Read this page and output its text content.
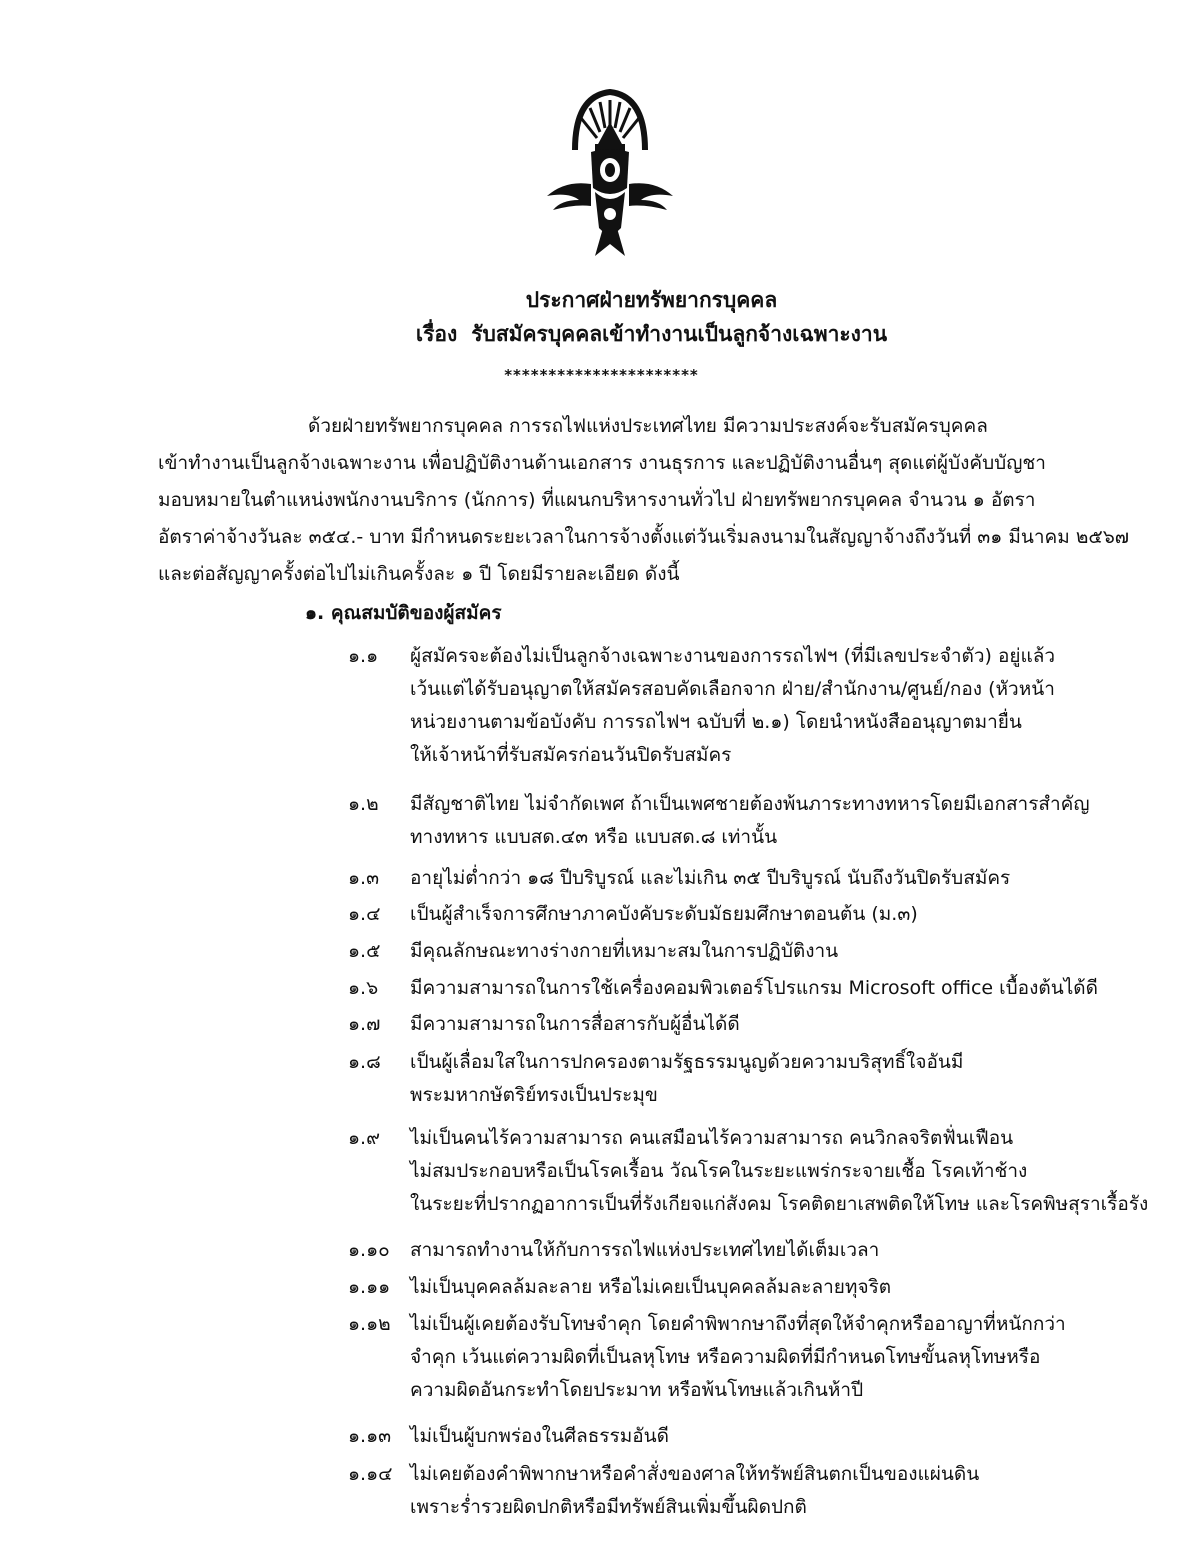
ประกาศฝ่ายทรัพยากรบุคคล
เรื่อง รับสมัครบุคคลเข้าทำงานเป็นลูกจ้างเฉพาะงาน
**********************
ด้วยฝ่ายทรัพยากรบุคคล การรถไฟแห่งประเทศไทย มีความประสงค์จะรับสมัครบุคคล
เข้าทำงานเป็นลูกจ้างเฉพาะงาน เพื่อปฏิบัติงานด้านเอกสาร งานธุรการ และปฏิบัติงานอื่นๆ สุดแต่ผู้บังคับบัญชา
มอบหมายในตำแหน่งพนักงานบริการ (นักการ) ที่แผนกบริหารงานทั่วไป ฝ่ายทรัพยากรบุคคล จำนวน ๑ อัตรา
อัตราค่าจ้างวันละ ๓๕๔.- บาท มีกำหนดระยะเวลาในการจ้างตั้งแต่วันเริ่มลงนามในสัญญาจ้างถึงวันที่ ๓๑ มีนาคม ๒๕๖๗
และต่อสัญญาครั้งต่อไปไม่เกินครั้งละ ๑ ปี โดยมีรายละเอียด ดังนี้
๑. คุณสมบัติของผู้สมัคร
๑.๑	ผู้สมัครจะต้องไม่เป็นลูกจ้างเฉพาะงานของการรถไฟฯ (ที่มีเลขประจำตัว) อยู่แล้ว
เว้นแต่ได้รับอนุญาตให้สมัครสอบคัดเลือกจาก ฝ่าย/สำนักงาน/ศูนย์/กอง (หัวหน้า
หน่วยงานตามข้อบังคับ การรถไฟฯ ฉบับที่ ๒.๑) โดยนำหนังสืออนุญาตมายื่น
ให้เจ้าหน้าที่รับสมัครก่อนวันปิดรับสมัคร
๑.๒	มีสัญชาติไทย ไม่จำกัดเพศ ถ้าเป็นเพศชายต้องพ้นภาระทางทหารโดยมีเอกสารสำคัญ
ทางทหาร แบบสด.๔๓ หรือ แบบสด.๘ เท่านั้น
๑.๓	อายุไม่ต่ำกว่า ๑๘ ปีบริบูรณ์ และไม่เกิน ๓๕ ปีบริบูรณ์ นับถึงวันปิดรับสมัคร
๑.๔	เป็นผู้สำเร็จการศึกษาภาคบังคับระดับมัธยมศึกษาตอนต้น (ม.๓)
๑.๕	มีคุณลักษณะทางร่างกายที่เหมาะสมในการปฏิบัติงาน
๑.๖	มีความสามารถในการใช้เครื่องคอมพิวเตอร์โปรแกรม Microsoft office เบื้องต้นได้ดี
๑.๗	มีความสามารถในการสื่อสารกับผู้อื่นได้ดี
๑.๘	เป็นผู้เลื่อมใสในการปกครองตามรัฐธรรมนูญด้วยความบริสุทธิ์ใจอันมี
พระมหากษัตริย์ทรงเป็นประมุข
๑.๙	ไม่เป็นคนไร้ความสามารถ คนเสมือนไร้ความสามารถ คนวิกลจริตฟั่นเฟือน
ไม่สมประกอบหรือเป็นโรคเรื้อน วัณโรคในระยะแพร่กระจายเชื้อ โรคเท้าช้าง
ในระยะที่ปรากฏอาการเป็นที่รังเกียจแก่สังคม โรคติดยาเสพติดให้โทษ และโรคพิษสุราเรื้อรัง
๑.๑๐	สามารถทำงานให้กับการรถไฟแห่งประเทศไทยได้เต็มเวลา
๑.๑๑	ไม่เป็นบุคคลล้มละลาย หรือไม่เคยเป็นบุคคลล้มละลายทุจริต
๑.๑๒	ไม่เป็นผู้เคยต้องรับโทษจำคุก โดยคำพิพากษาถึงที่สุดให้จำคุกหรืออาญาที่หนักกว่า
จำคุก เว้นแต่ความผิดที่เป็นลหุโทษ หรือความผิดที่มีกำหนดโทษขั้นลหุโทษหรือ
ความผิดอันกระทำโดยประมาท หรือพ้นโทษแล้วเกินห้าปี
๑.๑๓ ไม่เป็นผู้บกพร่องในศีลธรรมอันดี
๑.๑๔ ไม่เคยต้องคำพิพากษาหรือคำสั่งของศาลให้ทรัพย์สินตกเป็นของแผ่นดิน
เพราะร่ำรวยผิดปกติหรือมีทรัพย์สินเพิ่มขึ้นผิดปกติ
